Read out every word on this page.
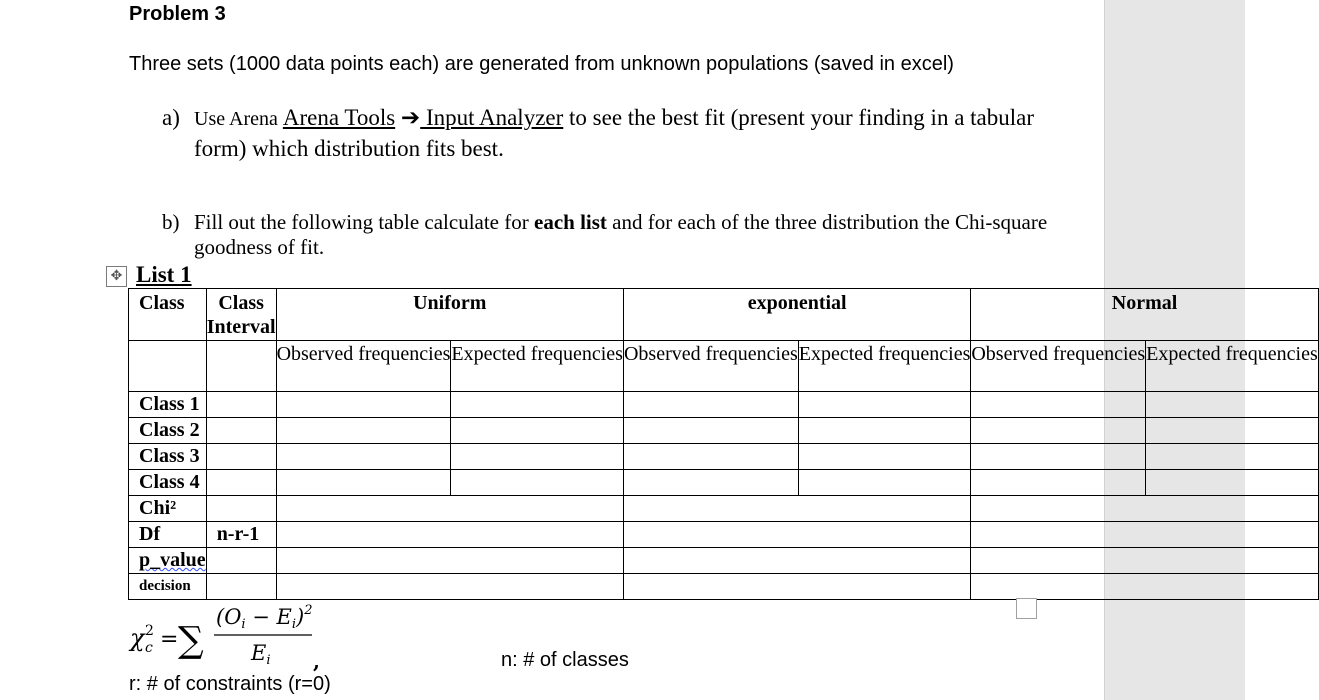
Problem 3
Three sets (1000 data points each) are generated from unknown populations (saved in excel)
a) Use Arena Arena Tools ➔ Input Analyzer to see the best fit (present your finding in a tabular form) which distribution fits best.
b) Fill out the following table calculate for each list and for each of the three distribution the Chi-square goodness of fit.
✥ List 1
Class	Class
Interval	Uniform		exponential		Normal	
		Observed frequencies	Expected frequencies	Observed frequencies	Expected frequencies	Observed frequencies	Expected frequencies
Class 1							
Class 2							
Class 3							
Class 4							
Chi²							
Df	n-r-1						
p_value							
decision							
χ 2
c = ∑
$(Oi - Ei)^2$
Ei ,	n: # of classes
r: # of constraints (r=0)
